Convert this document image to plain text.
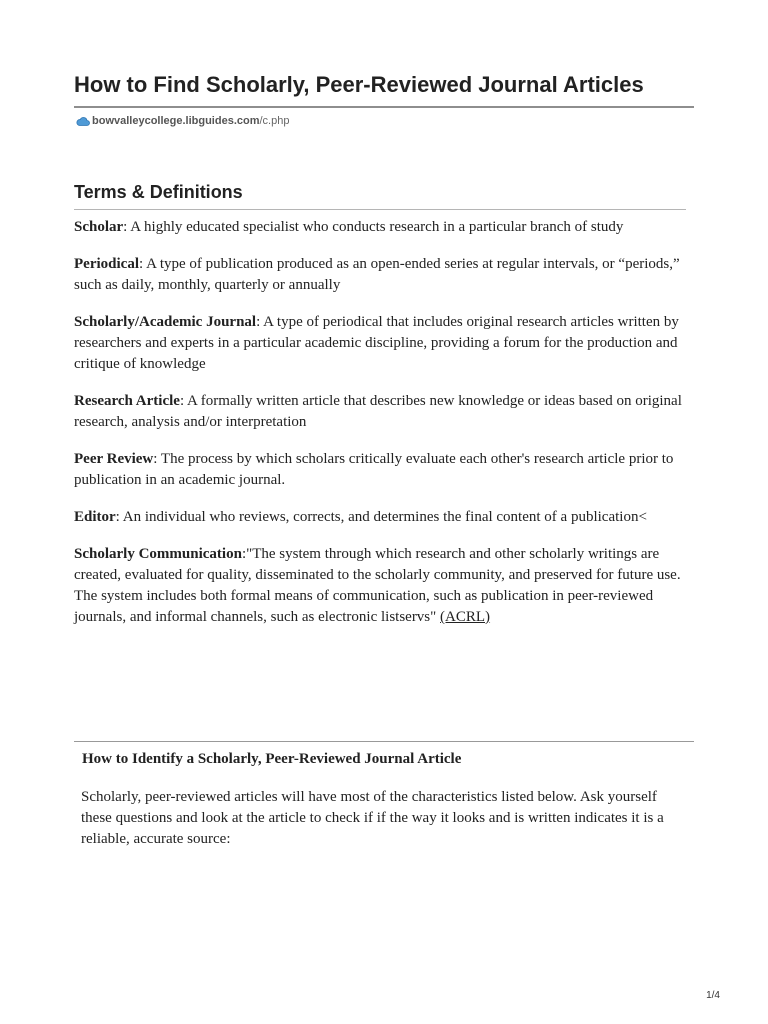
How to Find Scholarly, Peer-Reviewed Journal Articles
bowvalleycollege.libguides.com /c.php
Terms & Definitions

Scholar: A highly educated specialist who conducts research in a particular branch of study

Periodical: A type of publication produced as an open-ended series at regular intervals, or “periods,” such as daily, monthly, quarterly or annually

Scholarly/Academic Journal: A type of periodical that includes original research articles written by researchers and experts in a particular academic discipline, providing a forum for the production and critique of knowledge

Research Article: A formally written article that describes new knowledge or ideas based on original research, analysis and/or interpretation

Peer Review: The process by which scholars critically evaluate each other's research article prior to publication in an academic journal.

Editor: An individual who reviews, corrects, and determines the final content of a publication<

Scholarly Communication:"The system through which research and other scholarly writings are created, evaluated for quality, disseminated to the scholarly community, and preserved for future use. The system includes both formal means of communication, such as publication in peer-reviewed journals, and informal channels, such as electronic listservs" (ACRL)

How to Identify a Scholarly, Peer-Reviewed Journal Article

Scholarly, peer-reviewed articles will have most of the characteristics listed below. Ask yourself these questions and look at the article to check if if the way it looks and is written indicates it is a reliable, accurate source:

1/4
